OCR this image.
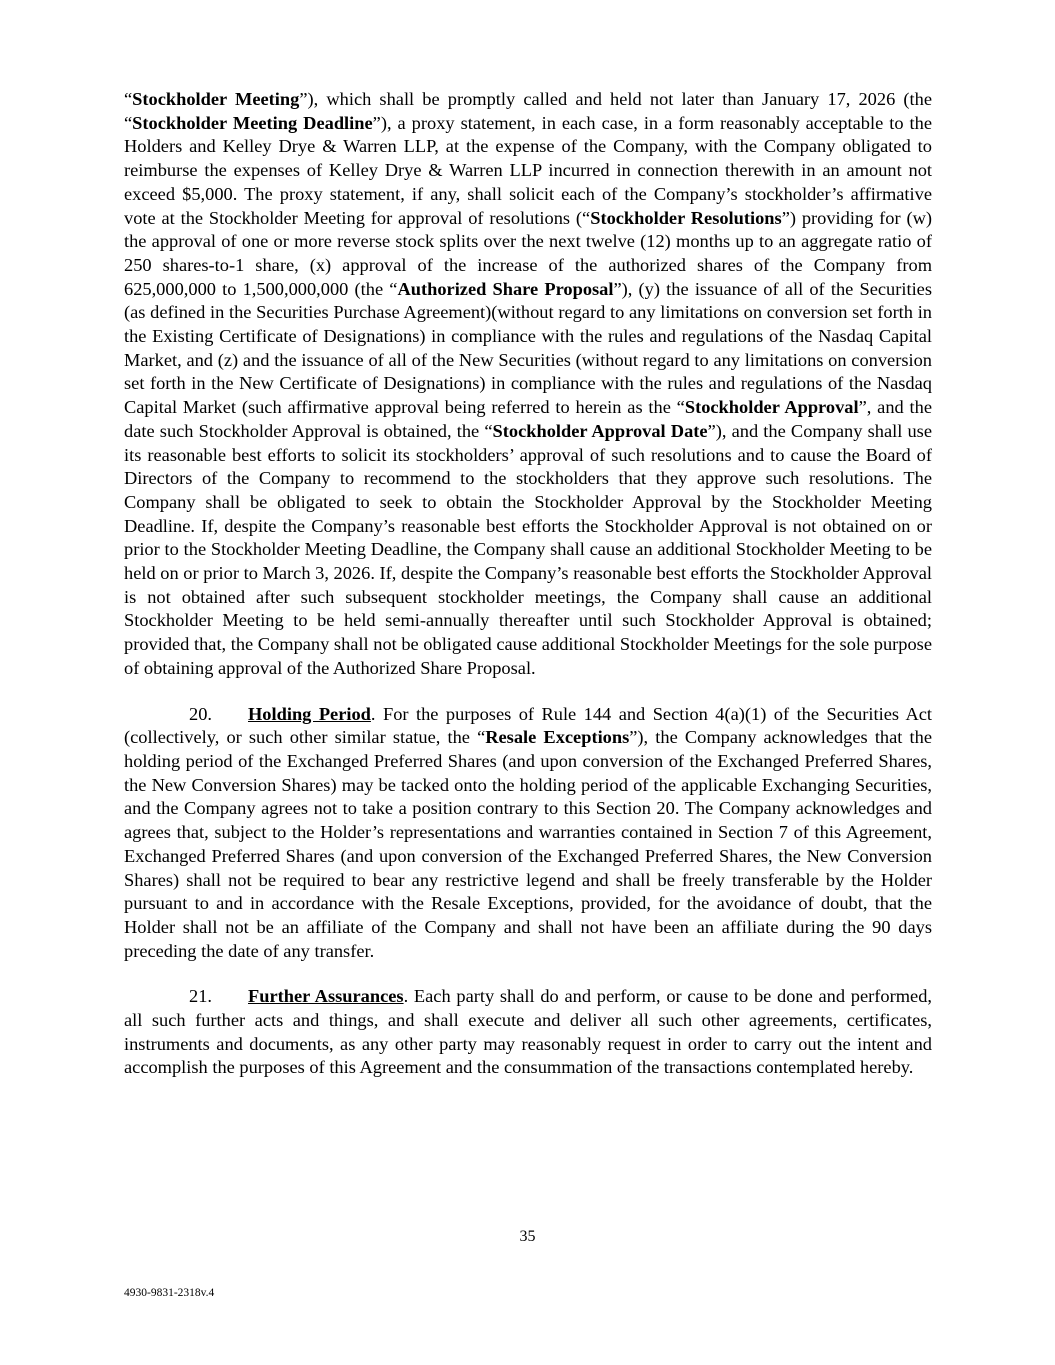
“Stockholder Meeting”), which shall be promptly called and held not later than January 17, 2026 (the “Stockholder Meeting Deadline”), a proxy statement, in each case, in a form reasonably acceptable to the Holders and Kelley Drye & Warren LLP, at the expense of the Company, with the Company obligated to reimburse the expenses of Kelley Drye & Warren LLP incurred in connection therewith in an amount not exceed $5,000. The proxy statement, if any, shall solicit each of the Company’s stockholder’s affirmative vote at the Stockholder Meeting for approval of resolutions (“Stockholder Resolutions”) providing for (w) the approval of one or more reverse stock splits over the next twelve (12) months up to an aggregate ratio of 250 shares-to-1 share, (x) approval of the increase of the authorized shares of the Company from 625,000,000 to 1,500,000,000 (the “Authorized Share Proposal”), (y) the issuance of all of the Securities (as defined in the Securities Purchase Agreement)(without regard to any limitations on conversion set forth in the Existing Certificate of Designations) in compliance with the rules and regulations of the Nasdaq Capital Market, and (z) and the issuance of all of the New Securities (without regard to any limitations on conversion set forth in the New Certificate of Designations) in compliance with the rules and regulations of the Nasdaq Capital Market (such affirmative approval being referred to herein as the “Stockholder Approval”, and the date such Stockholder Approval is obtained, the “Stockholder Approval Date”), and the Company shall use its reasonable best efforts to solicit its stockholders’ approval of such resolutions and to cause the Board of Directors of the Company to recommend to the stockholders that they approve such resolutions. The Company shall be obligated to seek to obtain the Stockholder Approval by the Stockholder Meeting Deadline. If, despite the Company’s reasonable best efforts the Stockholder Approval is not obtained on or prior to the Stockholder Meeting Deadline, the Company shall cause an additional Stockholder Meeting to be held on or prior to March 3, 2026. If, despite the Company’s reasonable best efforts the Stockholder Approval is not obtained after such subsequent stockholder meetings, the Company shall cause an additional Stockholder Meeting to be held semi-annually thereafter until such Stockholder Approval is obtained; provided that, the Company shall not be obligated cause additional Stockholder Meetings for the sole purpose of obtaining approval of the Authorized Share Proposal.

20. Holding Period. For the purposes of Rule 144 and Section 4(a)(1) of the Securities Act (collectively, or such other similar statue, the “Resale Exceptions”), the Company acknowledges that the holding period of the Exchanged Preferred Shares (and upon conversion of the Exchanged Preferred Shares, the New Conversion Shares) may be tacked onto the holding period of the applicable Exchanging Securities, and the Company agrees not to take a position contrary to this Section 20. The Company acknowledges and agrees that, subject to the Holder’s representations and warranties contained in Section 7 of this Agreement, Exchanged Preferred Shares (and upon conversion of the Exchanged Preferred Shares, the New Conversion Shares) shall not be required to bear any restrictive legend and shall be freely transferable by the Holder pursuant to and in accordance with the Resale Exceptions, provided, for the avoidance of doubt, that the Holder shall not be an affiliate of the Company and shall not have been an affiliate during the 90 days preceding the date of any transfer.

21. Further Assurances. Each party shall do and perform, or cause to be done and performed, all such further acts and things, and shall execute and deliver all such other agreements, certificates, instruments and documents, as any other party may reasonably request in order to carry out the intent and accomplish the purposes of this Agreement and the consummation of the transactions contemplated hereby.

35
4930-9831-2318v.4
